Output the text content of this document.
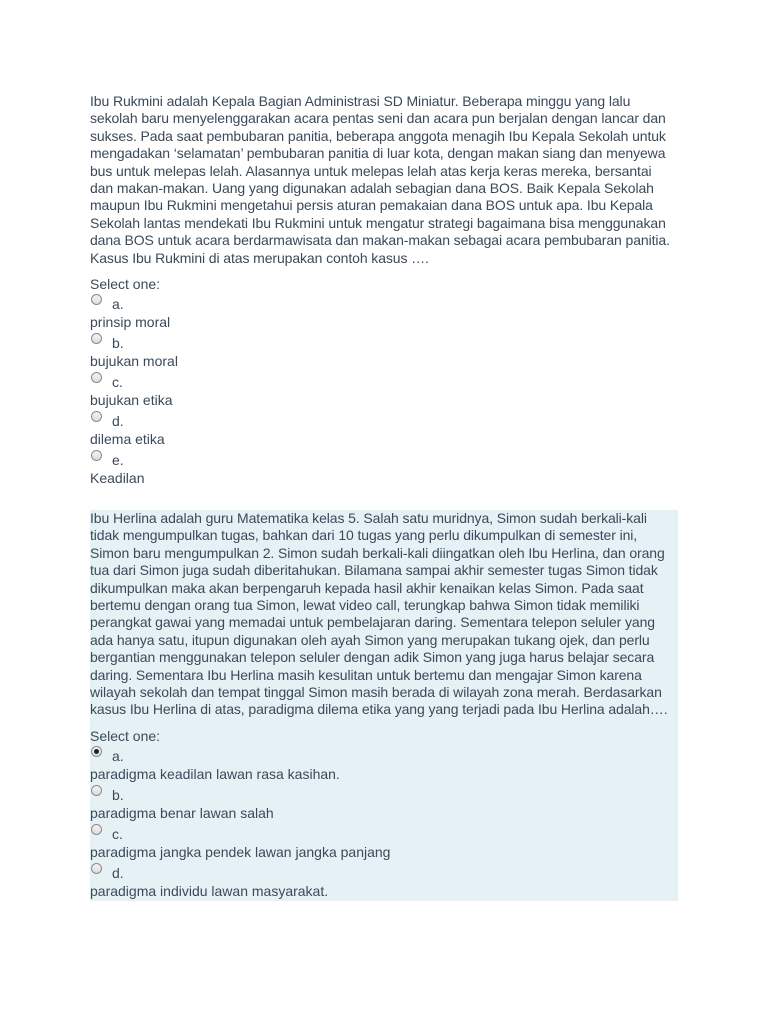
Ibu Rukmini adalah Kepala Bagian Administrasi SD Miniatur. Beberapa minggu yang lalu sekolah baru menyelenggarakan acara pentas seni dan acara pun berjalan dengan lancar dan sukses. Pada saat pembubaran panitia, beberapa anggota menagih Ibu Kepala Sekolah untuk mengadakan ‘selamatan’ pembubaran panitia di luar kota, dengan makan siang dan menyewa bus untuk melepas lelah. Alasannya untuk melepas lelah atas kerja keras mereka, bersantai dan makan-makan. Uang yang digunakan adalah sebagian dana BOS. Baik Kepala Sekolah maupun Ibu Rukmini mengetahui persis aturan pemakaian dana BOS untuk apa. Ibu Kepala Sekolah lantas mendekati Ibu Rukmini untuk mengatur strategi bagaimana bisa menggunakan dana BOS untuk acara berdarmawisata dan makan-makan sebagai acara pembubaran panitia. Kasus Ibu Rukmini di atas merupakan contoh kasus ….

Select one:
a.
prinsip moral
b.
bujukan moral
c.
bujukan etika
d.
dilema etika
e.
Keadilan

Ibu Herlina adalah guru Matematika kelas 5. Salah satu muridnya, Simon sudah berkali-kali tidak mengumpulkan tugas, bahkan dari 10 tugas yang perlu dikumpulkan di semester ini, Simon baru mengumpulkan 2. Simon sudah berkali-kali diingatkan oleh Ibu Herlina, dan orang tua dari Simon juga sudah diberitahukan. Bilamana sampai akhir semester tugas Simon tidak dikumpulkan maka akan berpengaruh kepada hasil akhir kenaikan kelas Simon. Pada saat bertemu dengan orang tua Simon, lewat video call, terungkap bahwa Simon tidak memiliki perangkat gawai yang memadai untuk pembelajaran daring. Sementara telepon seluler yang ada hanya satu, itupun digunakan oleh ayah Simon yang merupakan tukang ojek, dan perlu bergantian menggunakan telepon seluler dengan adik Simon yang juga harus belajar secara daring. Sementara Ibu Herlina masih kesulitan untuk bertemu dan mengajar Simon karena wilayah sekolah dan tempat tinggal Simon masih berada di wilayah zona merah. Berdasarkan kasus Ibu Herlina di atas, paradigma dilema etika yang yang terjadi pada Ibu Herlina adalah….

Select one:
a.
paradigma keadilan lawan rasa kasihan.
b.
paradigma benar lawan salah
c.
paradigma jangka pendek lawan jangka panjang
d.
paradigma individu lawan masyarakat.
